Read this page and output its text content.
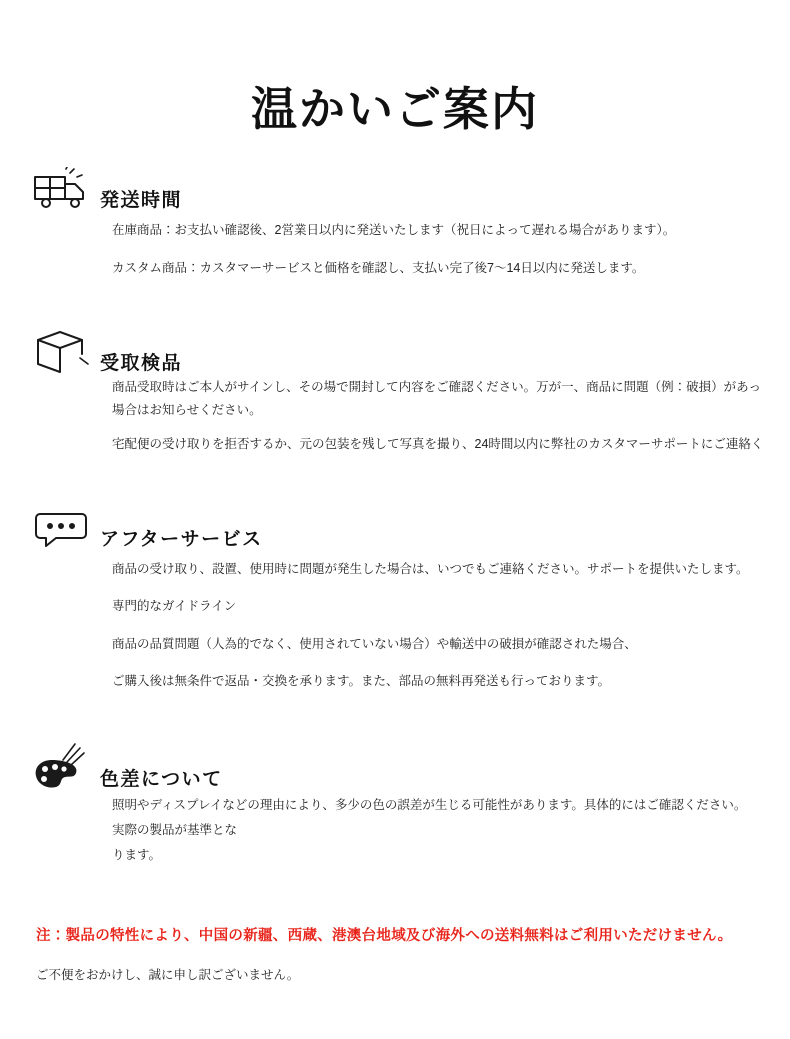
温かいご案内
発送時間

在庫商品：お支払い確認後、2営業日以内に発送いたします（祝日によって遅れる場合があります）。

カスタム商品：カスタマーサービスと価格を確認し、支払い完了後7〜14日以内に発送します。

受取検品

商品受取時はご本人がサインし、その場で開封して内容をご確認ください。万が一、商品に問題（例：破損）があっ

場合はお知らせください。

宅配便の受け取りを拒否するか、元の包装を残して写真を撮り、24時間以内に弊社のカスタマーサポートにご連絡く

アフターサービス

商品の受け取り、設置、使用時に問題が発生した場合は、いつでもご連絡ください。サポートを提供いたします。

専門的なガイドライン

商品の品質問題（人為的でなく、使用されていない場合）や輸送中の破損が確認された場合、

ご購入後は無条件で返品・交換を承ります。また、部品の無料再発送も行っております。

色差について

照明やディスプレイなどの理由により、多少の色の誤差が生じる可能性があります。具体的にはご確認ください。

実際の製品が基準とな

ります。

注：製品の特性により、中国の新疆、西蔵、港澳台地域及び海外への送料無料はご利用いただけません。

ご不便をおかけし、誠に申し訳ございません。
